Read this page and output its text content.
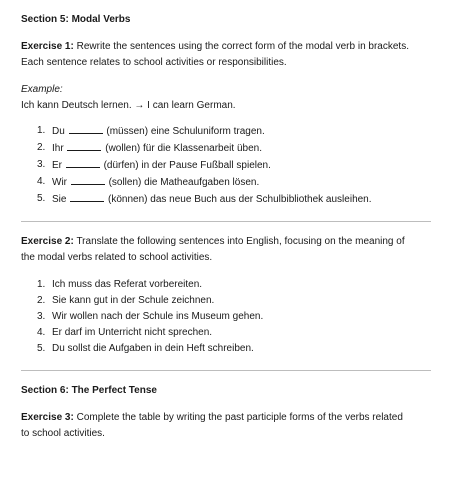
Section 5: Modal Verbs

Exercise 1: Rewrite the sentences using the correct form of the modal verb in brackets.
Each sentence relates to school activities or responsibilities.

Example:

Ich kann Deutsch lernen. → I can learn German.

1. Du	(müssen) eine Schuluniform tragen.
2. Ihr	(wollen) für die Klassenarbeit üben.
3. Er	(dürfen) in der Pause Fußball spielen.
4. Wir	(sollen) die Matheaufgaben lösen.
5. Sie	(können) das neue Buch aus der Schulbibliothek ausleihen.

Exercise 2: Translate the following sentences into English, focusing on the meaning of
the modal verbs related to school activities.

1. Ich muss das Referat vorbereiten.
2. Sie kann gut in der Schule zeichnen.
3. Wir wollen nach der Schule ins Museum gehen.
4. Er darf im Unterricht nicht sprechen.
5. Du sollst die Aufgaben in dein Heft schreiben.

Section 6: The Perfect Tense

Exercise 3: Complete the table by writing the past participle forms of the verbs related
to school activities.
